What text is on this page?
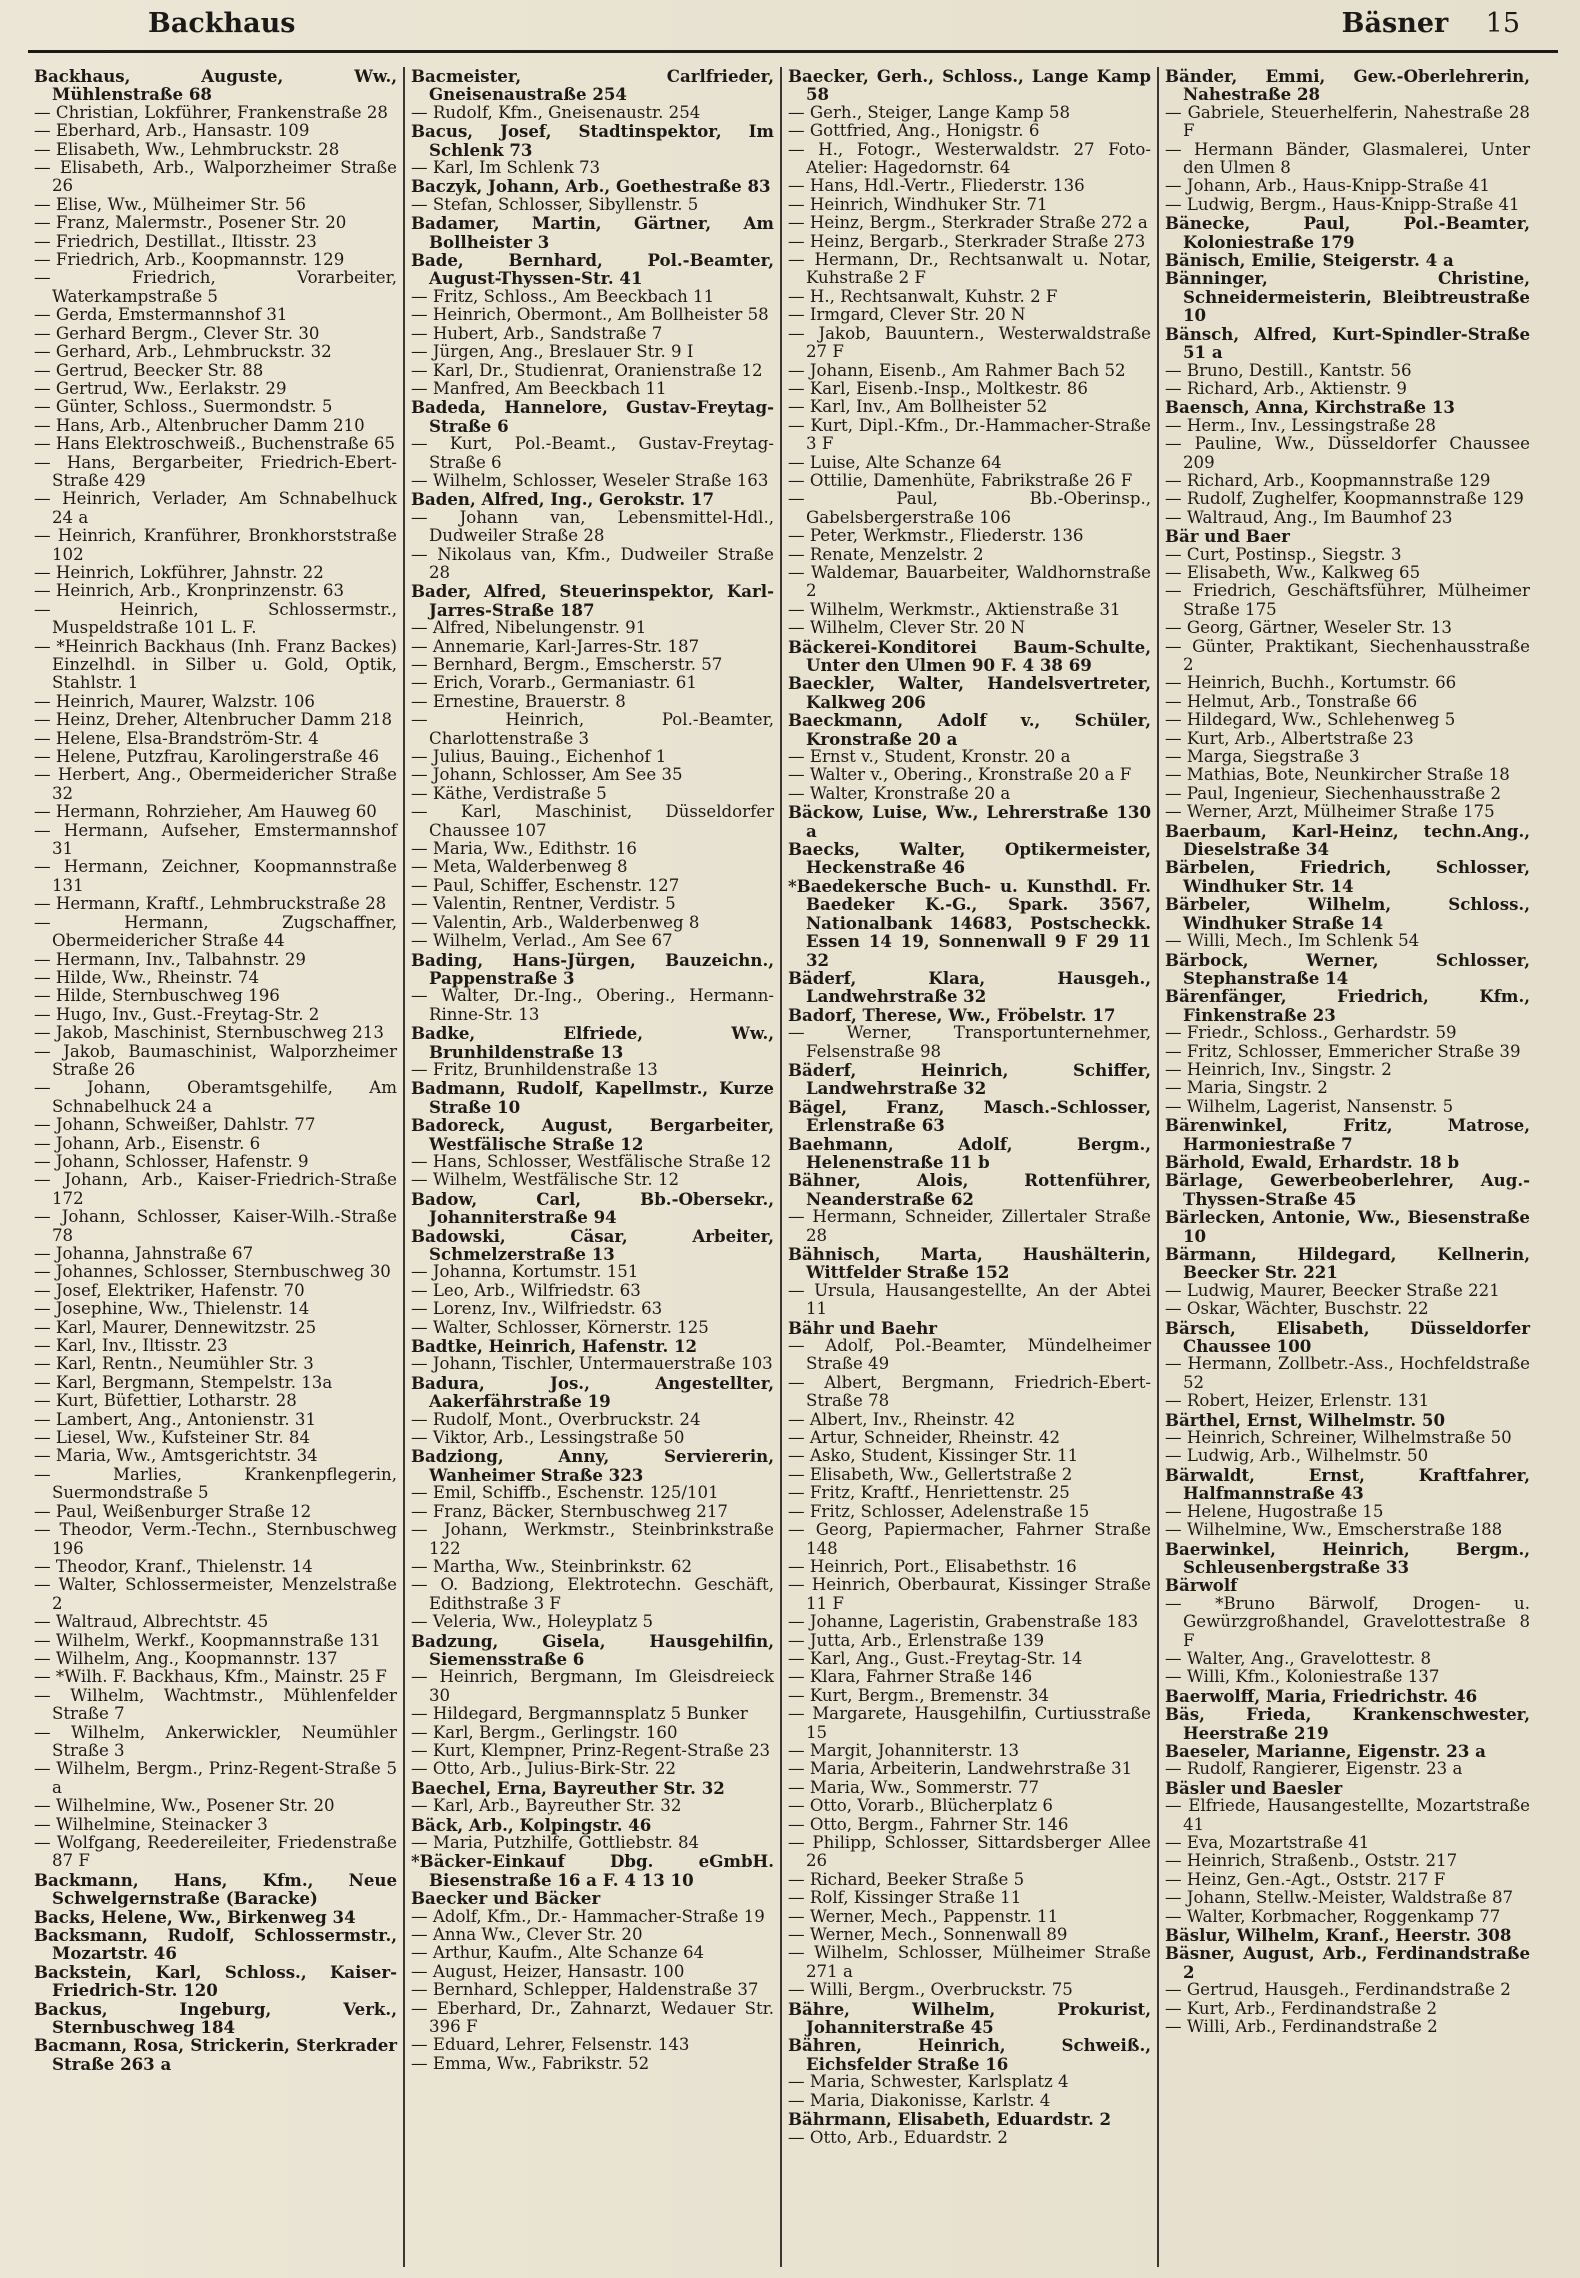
Backhaus	Bäsner 15

Backhaus, Auguste, Ww., Mühlenstraße 68

— Christian, Lokführer, Frankenstraße 28

— Eberhard, Arb., Hansastr. 109

— Elisabeth, Ww., Lehmbruckstr. 28

— Elisabeth, Arb., Walporzheimer Straße 26

— Elise, Ww., Mülheimer Str. 56

— Franz, Malermstr., Posener Str. 20

— Friedrich, Destillat., Iltisstr. 23

— Friedrich, Arb., Koopmannstr. 129

— Friedrich, Vorarbeiter, Waterkampstraße 5

— Gerda, Emstermannshof 31

— Gerhard Bergm., Clever Str. 30

— Gerhard, Arb., Lehmbruckstr. 32

— Gertrud, Beecker Str. 88

— Gertrud, Ww., Eerlakstr. 29

— Günter, Schloss., Suermondstr. 5

— Hans, Arb., Altenbrucher Damm 210

— Hans Elektroschweiß., Buchenstraße 65

— Hans, Bergarbeiter, Friedrich-Ebert-Straße 429

— Heinrich, Verlader, Am Schnabelhuck 24 a

— Heinrich, Kranführer, Bronkhorststraße 102

— Heinrich, Lokführer, Jahnstr. 22

— Heinrich, Arb., Kronprinzenstr. 63

— Heinrich, Schlossermstr., Muspeldstraße 101 L. F.

— *Heinrich Backhaus (Inh. Franz Backes) Einzelhdl. in Silber u. Gold, Optik, Stahlstr. 1

— Heinrich, Maurer, Walzstr. 106

— Heinz, Dreher, Altenbrucher Damm 218

— Helene, Elsa-Brandström-Str. 4

— Helene, Putzfrau, Karolingerstraße 46

— Herbert, Ang., Obermeidericher Straße 32

— Hermann, Rohrzieher, Am Hauweg 60

— Hermann, Aufseher, Emstermannshof 31

— Hermann, Zeichner, Koopmannstraße 131

— Hermann, Kraftf., Lehmbruckstraße 28

— Hermann, Zugschaffner, Obermeidericher Straße 44

— Hermann, Inv., Talbahnstr. 29

— Hilde, Ww., Rheinstr. 74

— Hilde, Sternbuschweg 196

— Hugo, Inv., Gust.-Freytag-Str. 2

— Jakob, Maschinist, Sternbuschweg 213

— Jakob, Baumaschinist, Walporzheimer Straße 26

— Johann, Oberamtsgehilfe, Am Schnabelhuck 24 a

— Johann, Schweißer, Dahlstr. 77

— Johann, Arb., Eisenstr. 6

— Johann, Schlosser, Hafenstr. 9

— Johann, Arb., Kaiser-Friedrich-Straße 172

— Johann, Schlosser, Kaiser-Wilh.-Straße 78

— Johanna, Jahnstraße 67

— Johannes, Schlosser, Sternbuschweg 30

— Josef, Elektriker, Hafenstr. 70

— Josephine, Ww., Thielenstr. 14

— Karl, Maurer, Dennewitzstr. 25

— Karl, Inv., Iltisstr. 23

— Karl, Rentn., Neumühler Str. 3

— Karl, Bergmann, Stempelstr. 13a

— Kurt, Büfettier, Lotharstr. 28

— Lambert, Ang., Antonienstr. 31

— Liesel, Ww., Kufsteiner Str. 84

— Maria, Ww., Amtsgerichtstr. 34

— Marlies, Krankenpflegerin, Suermondstraße 5

— Paul, Weißenburger Straße 12

— Theodor, Verm.-Techn., Sternbuschweg 196

— Theodor, Kranf., Thielenstr. 14

— Walter, Schlossermeister, Menzelstraße 2

— Waltraud, Albrechtstr. 45

— Wilhelm, Werkf., Koopmannstraße 131

— Wilhelm, Ang., Koopmannstr. 137

— *Wilh. F. Backhaus, Kfm., Mainstr. 25 F

— Wilhelm, Wachtmstr., Mühlenfelder Straße 7

— Wilhelm, Ankerwickler, Neumühler Straße 3

— Wilhelm, Bergm., Prinz-Regent-Straße 5 a

— Wilhelmine, Ww., Posener Str. 20

— Wilhelmine, Steinacker 3

— Wolfgang, Reedereileiter, Friedenstraße 87 F

Backmann, Hans, Kfm., Neue Schwelgernstraße (Baracke)

Backs, Helene, Ww., Birkenweg 34

Backsmann, Rudolf, Schlossermstr., Mozartstr. 46

Backstein, Karl, Schloss., Kaiser-Friedrich-Str. 120

Backus, Ingeburg, Verk., Sternbuschweg 184

Bacmann, Rosa, Strickerin, Sterkrader Straße 263 a

Bacmeister, Carlfrieder, Gneisenaustraße 254

— Rudolf, Kfm., Gneisenaustr. 254

Bacus, Josef, Stadtinspektor, Im Schlenk 73

— Karl, Im Schlenk 73

Baczyk, Johann, Arb., Goethestraße 83

— Stefan, Schlosser, Sibyllenstr. 5

Badamer, Martin, Gärtner, Am Bollheister 3

Bade, Bernhard, Pol.-Beamter, August-Thyssen-Str. 41

— Fritz, Schloss., Am Beeckbach 11

— Heinrich, Obermont., Am Bollheister 58

— Hubert, Arb., Sandstraße 7

— Jürgen, Ang., Breslauer Str. 9 I

— Karl, Dr., Studienrat, Oranienstraße 12

— Manfred, Am Beeckbach 11

Badeda, Hannelore, Gustav-Freytag-Straße 6

— Kurt, Pol.-Beamt., Gustav-Freytag-Straße 6

— Wilhelm, Schlosser, Weseler Straße 163

Baden, Alfred, Ing., Gerokstr. 17

— Johann van, Lebensmittel-Hdl., Dudweiler Straße 28

— Nikolaus van, Kfm., Dudweiler Straße 28

Bader, Alfred, Steuerinspektor, Karl-Jarres-Straße 187

— Alfred, Nibelungenstr. 91

— Annemarie, Karl-Jarres-Str. 187

— Bernhard, Bergm., Emscherstr. 57

— Erich, Vorarb., Germaniastr. 61

— Ernestine, Brauerstr. 8

— Heinrich, Pol.-Beamter, Charlottenstraße 3

— Julius, Bauing., Eichenhof 1

— Johann, Schlosser, Am See 35

— Käthe, Verdistraße 5

— Karl, Maschinist, Düsseldorfer Chaussee 107

— Maria, Ww., Edithstr. 16

— Meta, Walderbenweg 8

— Paul, Schiffer, Eschenstr. 127

— Valentin, Rentner, Verdistr. 5

— Valentin, Arb., Walderbenweg 8

— Wilhelm, Verlad., Am See 67

Bading, Hans-Jürgen, Bauzeichn., Pappenstraße 3

— Walter, Dr.-Ing., Obering., Hermann-Rinne-Str. 13

Badke, Elfriede, Ww., Brunhildenstraße 13

— Fritz, Brunhildenstraße 13

Badmann, Rudolf, Kapellmstr., Kurze Straße 10

Badoreck, August, Bergarbeiter, Westfälische Straße 12

— Hans, Schlosser, Westfälische Straße 12

— Wilhelm, Westfälische Str. 12

Badow, Carl, Bb.-Obersekr., Johanniterstraße 94

Badowski, Cäsar, Arbeiter, Schmelzerstraße 13

— Johanna, Kortumstr. 151

— Leo, Arb., Wilfriedstr. 63

— Lorenz, Inv., Wilfriedstr. 63

— Walter, Schlosser, Körnerstr. 125

Badtke, Heinrich, Hafenstr. 12

— Johann, Tischler, Untermauerstraße 103

Badura, Jos., Angestellter, Aakerfährstraße 19

— Rudolf, Mont., Overbruckstr. 24

— Viktor, Arb., Lessingstraße 50

Badziong, Anny, Serviererin, Wanheimer Straße 323

— Emil, Schiffb., Eschenstr. 125/101

— Franz, Bäcker, Sternbuschweg 217

— Johann, Werkmstr., Steinbrinkstraße 122

— Martha, Ww., Steinbrinkstr. 62

— O. Badziong, Elektrotechn. Geschäft, Edithstraße 3 F

— Veleria, Ww., Holeyplatz 5

Badzung, Gisela, Hausgehilfin, Siemensstraße 6

— Heinrich, Bergmann, Im Gleisdreieck 30

— Hildegard, Bergmannsplatz 5 Bunker

— Karl, Bergm., Gerlingstr. 160

— Kurt, Klempner, Prinz-Regent-Straße 23

— Otto, Arb., Julius-Birk-Str. 22

Baechel, Erna, Bayreuther Str. 32

— Karl, Arb., Bayreuther Str. 32

Bäck, Arb., Kolpingstr. 46

— Maria, Putzhilfe, Gottliebstr. 84

*Bäcker-Einkauf Dbg. eGmbH. Biesenstraße 16 a F. 4 13 10

Baecker und Bäcker

— Adolf, Kfm., Dr.- Hammacher-Straße 19

— Anna Ww., Clever Str. 20

— Arthur, Kaufm., Alte Schanze 64

— August, Heizer, Hansastr. 100

— Bernhard, Schlepper, Haldenstraße 37

— Eberhard, Dr., Zahnarzt, Wedauer Str. 396 F

— Eduard, Lehrer, Felsenstr. 143

— Emma, Ww., Fabrikstr. 52

Baecker, Gerh., Schloss., Lange Kamp 58

— Gerh., Steiger, Lange Kamp 58

— Gottfried, Ang., Honigstr. 6

— H., Fotogr., Westerwaldstr. 27 Foto-Atelier: Hagedornstr. 64

— Hans, Hdl.-Vertr., Fliederstr. 136

— Heinrich, Windhuker Str. 71

— Heinz, Bergm., Sterkrader Straße 272 a

— Heinz, Bergarb., Sterkrader Straße 273

— Hermann, Dr., Rechtsanwalt u. Notar, Kuhstraße 2 F

— H., Rechtsanwalt, Kuhstr. 2 F

— Irmgard, Clever Str. 20 N

— Jakob, Bauuntern., Westerwaldstraße 27 F

— Johann, Eisenb., Am Rahmer Bach 52

— Karl, Eisenb.-Insp., Moltkestr. 86

— Karl, Inv., Am Bollheister 52

— Kurt, Dipl.-Kfm., Dr.-Hammacher-Straße 3 F

— Luise, Alte Schanze 64

— Ottilie, Damenhüte, Fabrikstraße 26 F

— Paul, Bb.-Oberinsp., Gabelsbergerstraße 106

— Peter, Werkmstr., Fliederstr. 136

— Renate, Menzelstr. 2

— Waldemar, Bauarbeiter, Waldhornstraße 2

— Wilhelm, Werkmstr., Aktienstraße 31

— Wilhelm, Clever Str. 20 N

Bäckerei-Konditorei Baum-Schulte, Unter den Ulmen 90 F. 4 38 69

Baeckler, Walter, Handelsvertreter, Kalkweg 206

Baeckmann, Adolf v., Schüler, Kronstraße 20 a

— Ernst v., Student, Kronstr. 20 a

— Walter v., Obering., Kronstraße 20 a F

— Walter, Kronstraße 20 a

Bäckow, Luise, Ww., Lehrerstraße 130 a

Baecks, Walter, Optikermeister, Heckenstraße 46

*Baedekersche Buch- u. Kunsthdl. Fr. Baedeker K.-G., Spark. 3567, Nationalbank 14683, Postscheckk. Essen 14 19, Sonnenwall 9 F 29 11 32

Bäderf, Klara, Hausgeh., Landwehrstraße 32

Badorf, Therese, Ww., Fröbelstr. 17

— Werner, Transportunternehmer, Felsenstraße 98

Bäderf, Heinrich, Schiffer, Landwehrstraße 32

Bägel, Franz, Masch.-Schlosser, Erlenstraße 63

Baehmann, Adolf, Bergm., Helenenstraße 11 b

Bähner, Alois, Rottenführer, Neanderstraße 62

— Hermann, Schneider, Zillertaler Straße 28

Bähnisch, Marta, Haushälterin, Wittfelder Straße 152

— Ursula, Hausangestellte, An der Abtei 11

Bähr und Baehr

— Adolf, Pol.-Beamter, Mündelheimer Straße 49

— Albert, Bergmann, Friedrich-Ebert-Straße 78

— Albert, Inv., Rheinstr. 42

— Artur, Schneider, Rheinstr. 42

— Asko, Student, Kissinger Str. 11

— Elisabeth, Ww., Gellertstraße 2

— Fritz, Kraftf., Henriettenstr. 25

— Fritz, Schlosser, Adelenstraße 15

— Georg, Papiermacher, Fahrner Straße 148

— Heinrich, Port., Elisabethstr. 16

— Heinrich, Oberbaurat, Kissinger Straße 11 F

— Johanne, Lageristin, Grabenstraße 183

— Jutta, Arb., Erlenstraße 139

— Karl, Ang., Gust.-Freytag-Str. 14

— Klara, Fahrner Straße 146

— Kurt, Bergm., Bremenstr. 34

— Margarete, Hausgehilfin, Curtiusstraße 15

— Margit, Johanniterstr. 13

— Maria, Arbeiterin, Landwehrstraße 31

— Maria, Ww., Sommerstr. 77

— Otto, Vorarb., Blücherplatz 6

— Otto, Bergm., Fahrner Str. 146

— Philipp, Schlosser, Sittardsberger Allee 26

— Richard, Beeker Straße 5

— Rolf, Kissinger Straße 11

— Werner, Mech., Pappenstr. 11

— Werner, Mech., Sonnenwall 89

— Wilhelm, Schlosser, Mülheimer Straße 271 a

— Willi, Bergm., Overbruckstr. 75

Bähre, Wilhelm, Prokurist, Johanniterstraße 45

Bähren, Heinrich, Schweiß., Eichsfelder Straße 16

— Maria, Schwester, Karlsplatz 4

— Maria, Diakonisse, Karlstr. 4

Bährmann, Elisabeth, Eduardstr. 2

— Otto, Arb., Eduardstr. 2

Bänder, Emmi, Gew.-Oberlehrerin, Nahestraße 28

— Gabriele, Steuerhelferin, Nahestraße 28 F

— Hermann Bänder, Glasmalerei, Unter den Ulmen 8

— Johann, Arb., Haus-Knipp-Straße 41

— Ludwig, Bergm., Haus-Knipp-Straße 41

Bänecke, Paul, Pol.-Beamter, Koloniestraße 179

Bänisch, Emilie, Steigerstr. 4 a

Bänninger, Christine, Schneidermeisterin, Bleibtreustraße 10

Bänsch, Alfred, Kurt-Spindler-Straße 51 a

— Bruno, Destill., Kantstr. 56

— Richard, Arb., Aktienstr. 9

Baensch, Anna, Kirchstraße 13

— Herm., Inv., Lessingstraße 28

— Pauline, Ww., Düsseldorfer Chaussee 209

— Richard, Arb., Koopmannstraße 129

— Rudolf, Zughelfer, Koopmannstraße 129

— Waltraud, Ang., Im Baumhof 23

Bär und Baer

— Curt, Postinsp., Siegstr. 3

— Elisabeth, Ww., Kalkweg 65

— Friedrich, Geschäftsführer, Mülheimer Straße 175

— Georg, Gärtner, Weseler Str. 13

— Günter, Praktikant, Siechenhausstraße 2

— Heinrich, Buchh., Kortumstr. 66

— Helmut, Arb., Tonstraße 66

— Hildegard, Ww., Schlehenweg 5

— Kurt, Arb., Albertstraße 23

— Marga, Siegstraße 3

— Mathias, Bote, Neunkircher Straße 18

— Paul, Ingenieur, Siechenhausstraße 2

— Werner, Arzt, Mülheimer Straße 175

Baerbaum, Karl-Heinz, techn.Ang., Dieselstraße 34

Bärbelen, Friedrich, Schlosser, Windhuker Str. 14

Bärbeler, Wilhelm, Schloss., Windhuker Straße 14

— Willi, Mech., Im Schlenk 54

Bärbock, Werner, Schlosser, Stephanstraße 14

Bärenfänger, Friedrich, Kfm., Finkenstraße 23

— Friedr., Schloss., Gerhardstr. 59

— Fritz, Schlosser, Emmericher Straße 39

— Heinrich, Inv., Singstr. 2

— Maria, Singstr. 2

— Wilhelm, Lagerist, Nansenstr. 5

Bärenwinkel, Fritz, Matrose, Harmoniestraße 7

Bärhold, Ewald, Erhardstr. 18 b

Bärlage, Gewerbeoberlehrer, Aug.-Thyssen-Straße 45

Bärlecken, Antonie, Ww., Biesenstraße 10

Bärmann, Hildegard, Kellnerin, Beecker Str. 221

— Ludwig, Maurer, Beecker Straße 221

— Oskar, Wächter, Buschstr. 22

Bärsch, Elisabeth, Düsseldorfer Chaussee 100

— Hermann, Zollbetr.-Ass., Hochfeldstraße 52

— Robert, Heizer, Erlenstr. 131

Bärthel, Ernst, Wilhelmstr. 50

— Heinrich, Schreiner, Wilhelmstraße 50

— Ludwig, Arb., Wilhelmstr. 50

Bärwaldt, Ernst, Kraftfahrer, Halfmannstraße 43

— Helene, Hugostraße 15

— Wilhelmine, Ww., Emscherstraße 188

Baerwinkel, Heinrich, Bergm., Schleusenbergstraße 33

Bärwolf

— *Bruno Bärwolf, Drogen- u. Gewürzgroßhandel, Gravelottestraße 8 F

— Walter, Ang., Gravelottestr. 8

— Willi, Kfm., Koloniestraße 137

Baerwolff, Maria, Friedrichstr. 46

Bäs, Frieda, Krankenschwester, Heerstraße 219

Baeseler, Marianne, Eigenstr. 23 a

— Rudolf, Rangierer, Eigenstr. 23 a

Bäsler und Baesler

— Elfriede, Hausangestellte, Mozartstraße 41

— Eva, Mozartstraße 41

— Heinrich, Straßenb., Oststr. 217

— Heinz, Gen.-Agt., Oststr. 217 F

— Johann, Stellw.-Meister, Waldstraße 87

— Walter, Korbmacher, Roggenkamp 77

Bäslur, Wilhelm, Kranf., Heerstr. 308

Bäsner, August, Arb., Ferdinandstraße 2

— Gertrud, Hausgeh., Ferdinandstraße 2

— Kurt, Arb., Ferdinandstraße 2

— Willi, Arb., Ferdinandstraße 2
